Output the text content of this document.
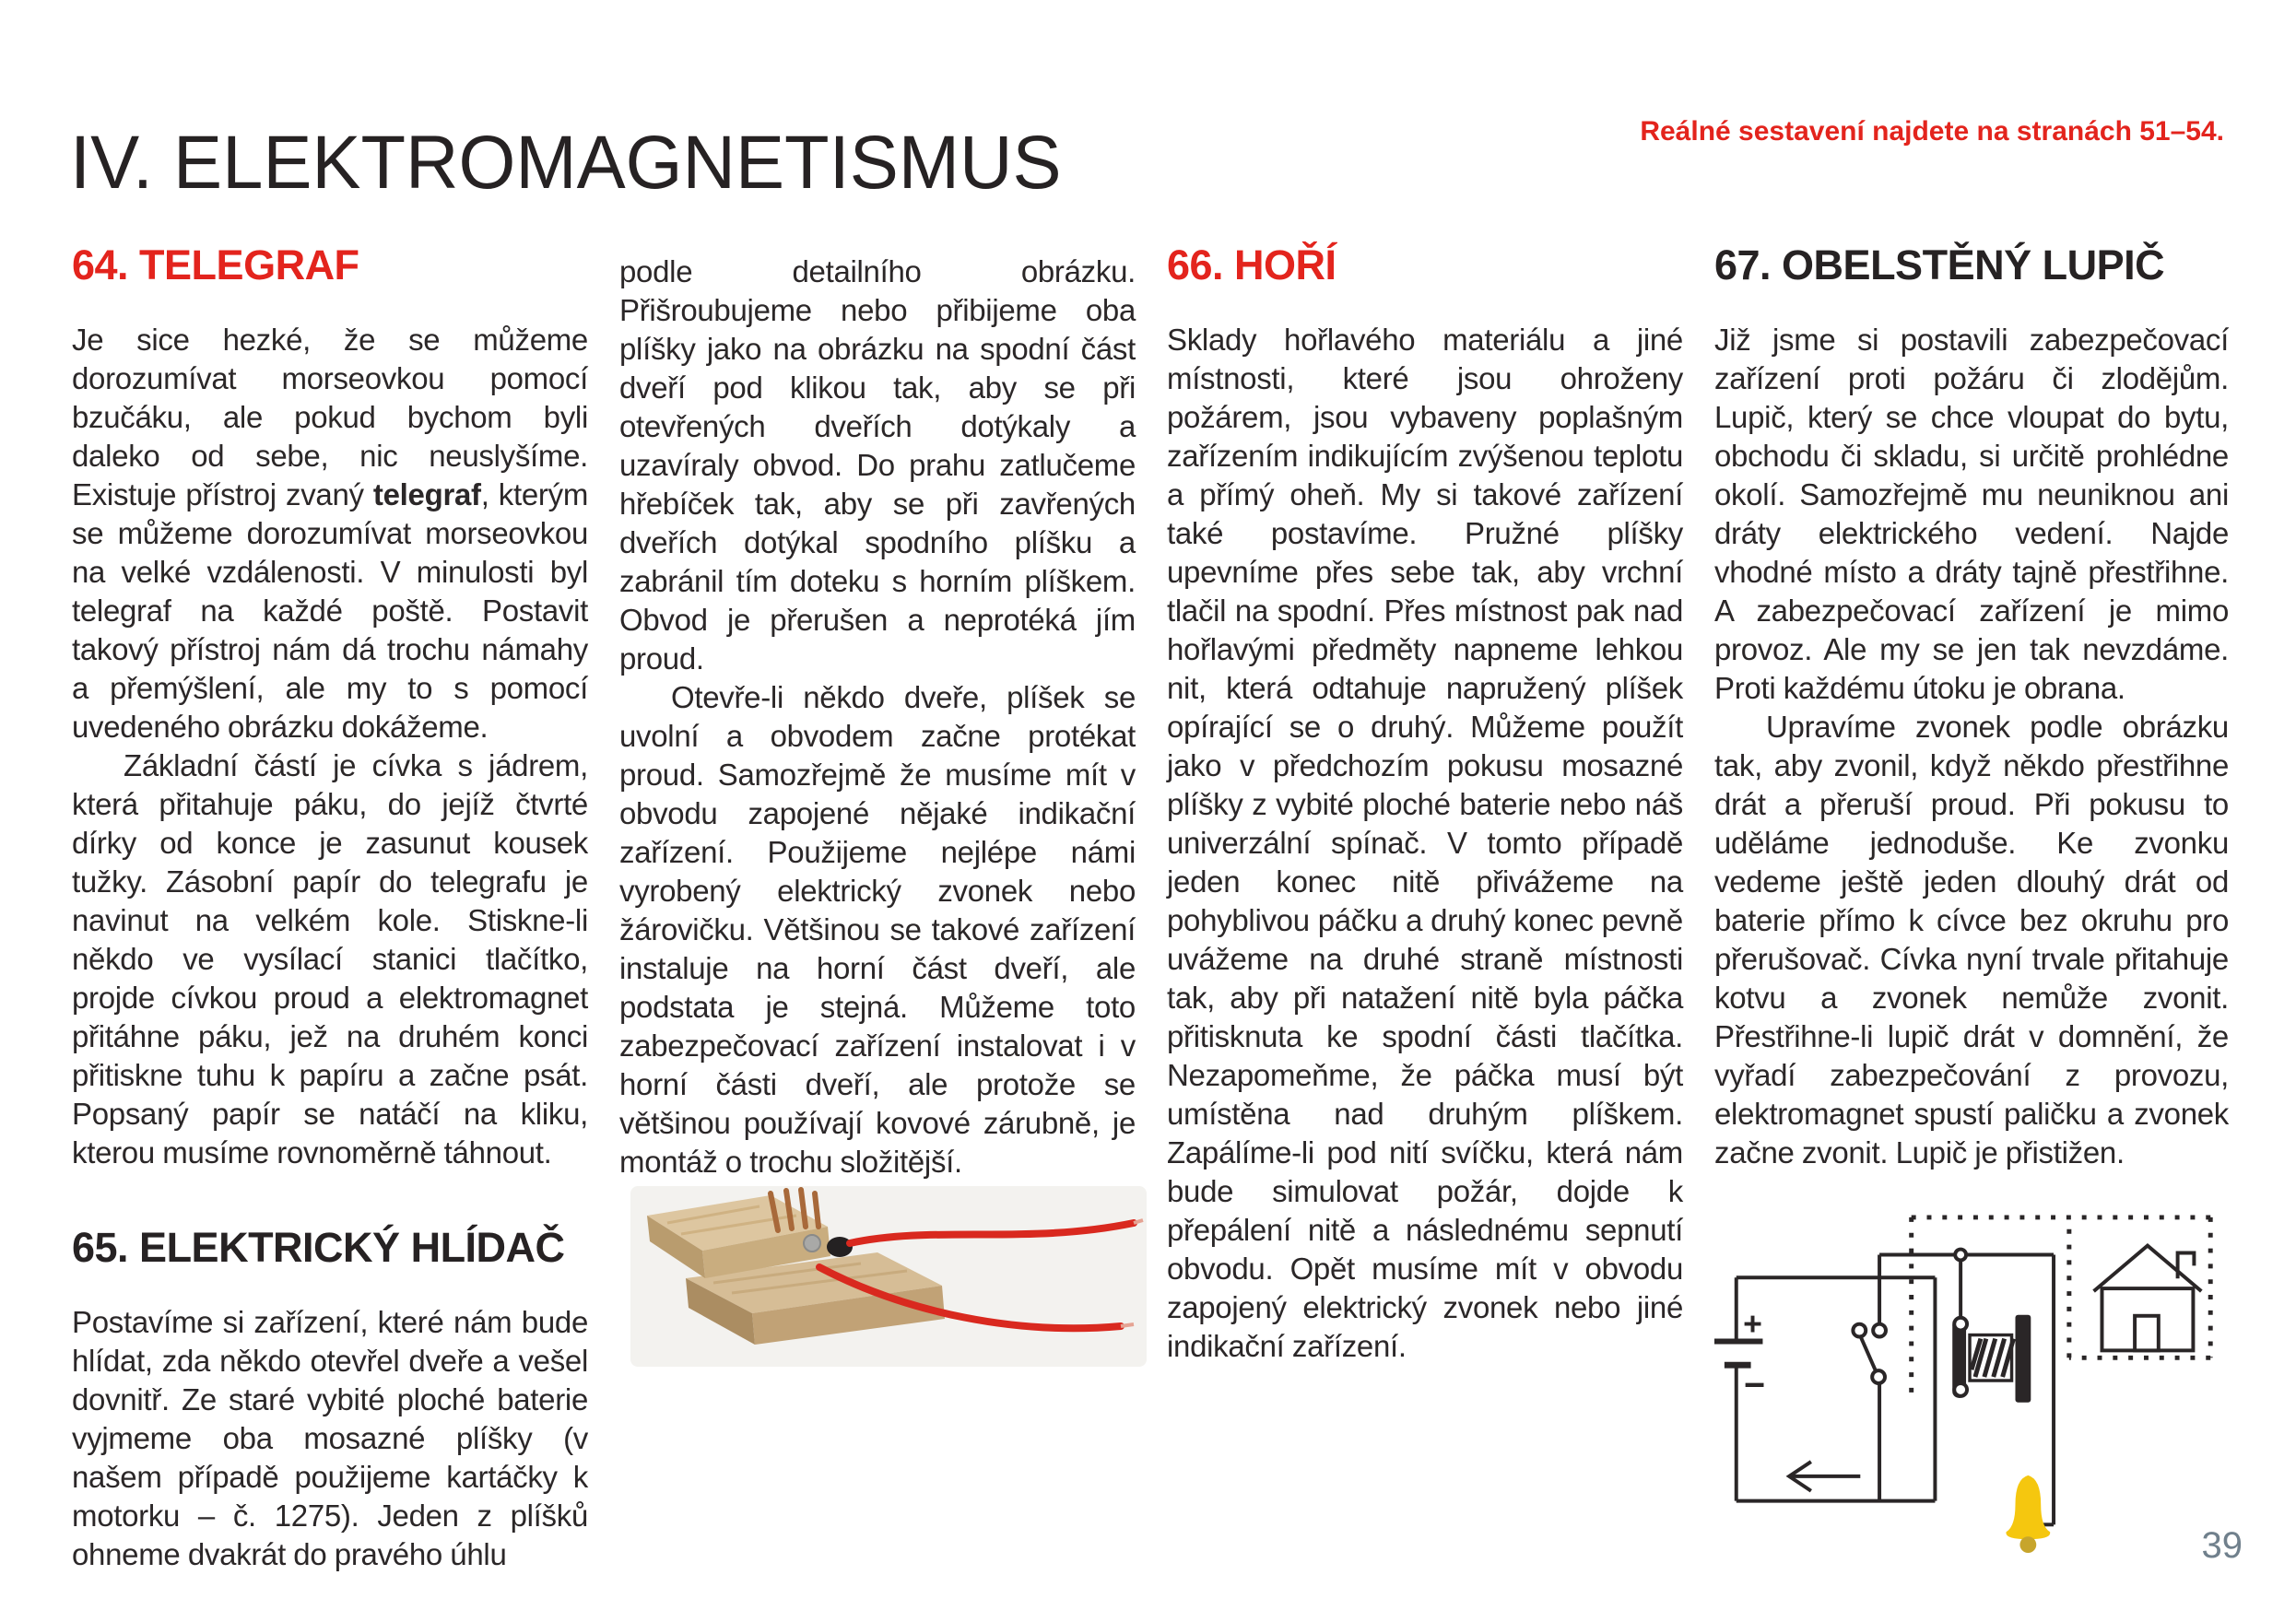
IV. ELEKTROMAGNETISMUS	Reálné sestavení najdete na stranách 51–54.
64. TELEGRAF

Je sice hezké, že se můžeme dorozumívat morseovkou pomocí bzučáku, ale pokud bychom byli daleko od sebe, nic neuslyšíme. Existuje přístroj zvaný telegraf, kterým se můžeme dorozumívat morseovkou na velké vzdálenosti. V minulosti byl telegraf na každé poště. Postavit takový přístroj nám dá trochu námahy a přemýšlení, ale my to s pomocí uvedeného obrázku dokážeme.

Základní částí je cívka s jádrem, která přitahuje páku, do jejíž čtvrté dírky od konce je zasunut kousek tužky. Zásobní papír do telegrafu je navinut na velkém kole. Stiskne-li někdo ve vysílací stanici tlačítko, projde cívkou proud a elektromagnet přitáhne páku, jež na druhém konci přitiskne tuhu k papíru a začne psát. Popsaný papír se natáčí na kliku, kterou musíme rovnoměrně táhnout.

65. ELEKTRICKÝ HLÍDAČ

Postavíme si zařízení, které nám bude hlídat, zda někdo otevřel dveře a vešel dovnitř. Ze staré vybité ploché baterie vyjmeme oba mosazné plíšky (v našem případě použijeme kartáčky k motorku – č. 1275). Jeden z plíšků ohneme dvakrát do pravého úhlu

podle detailního obrázku. Přišroubujeme nebo přibijeme oba plíšky jako na obrázku na spodní část dveří pod klikou tak, aby se při otevřených dveřích dotýkaly a uzavíraly obvod. Do prahu zatlučeme hřebíček tak, aby se při zavřených dveřích dotýkal spodního plíšku a zabránil tím doteku s horním plíškem. Obvod je přerušen a neprotéká jím proud.

Otevře-li někdo dveře, plíšek se uvolní a obvodem začne protékat proud. Samozřejmě že musíme mít v obvodu zapojené nějaké indikační zařízení. Použijeme nejlépe námi vyrobený elektrický zvonek nebo žárovičku. Většinou se takové zařízení instaluje na horní část dveří, ale podstata je stejná. Můžeme toto zabezpečovací zařízení instalovat i v horní části dveří, ale protože se většinou používají kovové zárubně, je montáž o trochu složitější.

66. HOŘÍ

Sklady hořlavého materiálu a jiné místnosti, které jsou ohroženy požárem, jsou vybaveny poplašným zařízením indikujícím zvýšenou teplotu a přímý oheň. My si takové zařízení také postavíme. Pružné plíšky upevníme přes sebe tak, aby vrchní tlačil na spodní. Přes místnost pak nad hořlavými předměty napneme lehkou nit, která odtahuje napružený plíšek opírající se o druhý. Můžeme použít jako v předchozím pokusu mosazné plíšky z vybité ploché baterie nebo náš univerzální spínač. V tomto případě jeden konec nitě přivážeme na pohyblivou páčku a druhý konec pevně uvážeme na druhé straně místnosti tak, aby při natažení nitě byla páčka přitisknuta ke spodní části tlačítka. Nezapomeňme, že páčka musí být umístěna nad druhým plíškem. Zapálíme-li pod nití svíčku, která nám bude simulovat požár, dojde k přepálení nitě a následnému sepnutí obvodu. Opět musíme mít v obvodu zapojený elektrický zvonek nebo jiné indikační zařízení.

67. OBELSTĚNÝ LUPIČ

Již jsme si postavili zabezpečovací zařízení proti požáru či zlodějům. Lupič, který se chce vloupat do bytu, obchodu či skladu, si určitě prohlédne okolí. Samozřejmě mu neuniknou ani dráty elektrického vedení. Najde vhodné místo a dráty tajně přestřihne. A zabezpečovací zařízení je mimo provoz. Ale my se jen tak nevzdáme. Proti každému útoku je obrana.

Upravíme zvonek podle obrázku tak, aby zvonil, když někdo přestřihne drát a přeruší proud. Při pokusu to uděláme jednoduše. Ke zvonku vedeme ještě jeden dlouhý drát od baterie přímo k cívce bez okruhu pro přerušovač. Cívka nyní trvale přitahuje kotvu a zvonek nemůže zvonit. Přestřihne-li lupič drát v domnění, že vyřadí zabezpečování z provozu, elektromagnet spustí paličku a zvonek začne zvonit. Lupič je přistižen.

+
−
39
